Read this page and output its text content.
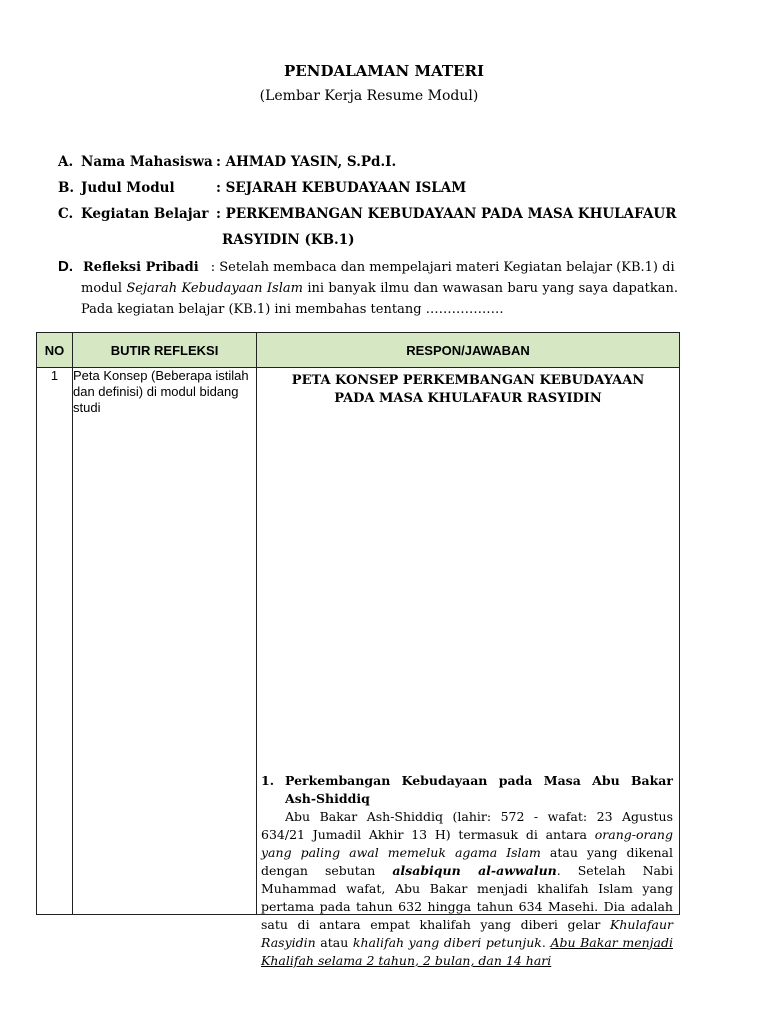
PENDALAMAN MATERI
(Lembar Kerja Resume Modul)
A. Nama Mahasiswa : AHMAD YASIN, S.Pd.I.
B. Judul Modul	: SEJARAH KEBUDAYAAN ISLAM
C. Kegiatan Belajar : PERKEMBANGAN KEBUDAYAAN PADA MASA KHULAFAUR
RASYIDIN (KB.1)
D. Refleksi Pribadi : Setelah membaca dan mempelajari materi Kegiatan belajar (KB.1) di
modul Sejarah Kebudayaan Islam ini banyak ilmu dan wawasan baru yang saya dapatkan. Pada kegiatan belajar (KB.1) ini membahas tentang ………………
NO	BUTIR REFLEKSI	RESPON/JAWABAN
1	Peta Konsep (Beberapa istilah dan definisi) di modul bidang studi	PETA KONSEP PERKEMBANGAN KEBUDAYAAN
PADA MASA KHULAFAUR RASYIDIN
1. Perkembangan Kebudayaan pada Masa Abu Bakar Ash-Shiddiq

Abu Bakar Ash-Shiddiq (lahir: 572 - wafat: 23 Agustus 634/21 Jumadil Akhir 13 H) termasuk di antara orang-orang yang paling awal memeluk agama Islam atau yang dikenal dengan sebutan alsabiqun al-awwalun. Setelah Nabi Muhammad wafat, Abu Bakar menjadi khalifah Islam yang pertama pada tahun 632 hingga tahun 634 Masehi. Dia adalah satu di antara empat khalifah yang diberi gelar Khulafaur Rasyidin atau khalifah yang diberi petunjuk. Abu Bakar menjadi Khalifah selama 2 tahun, 2 bulan, dan 14 hari
